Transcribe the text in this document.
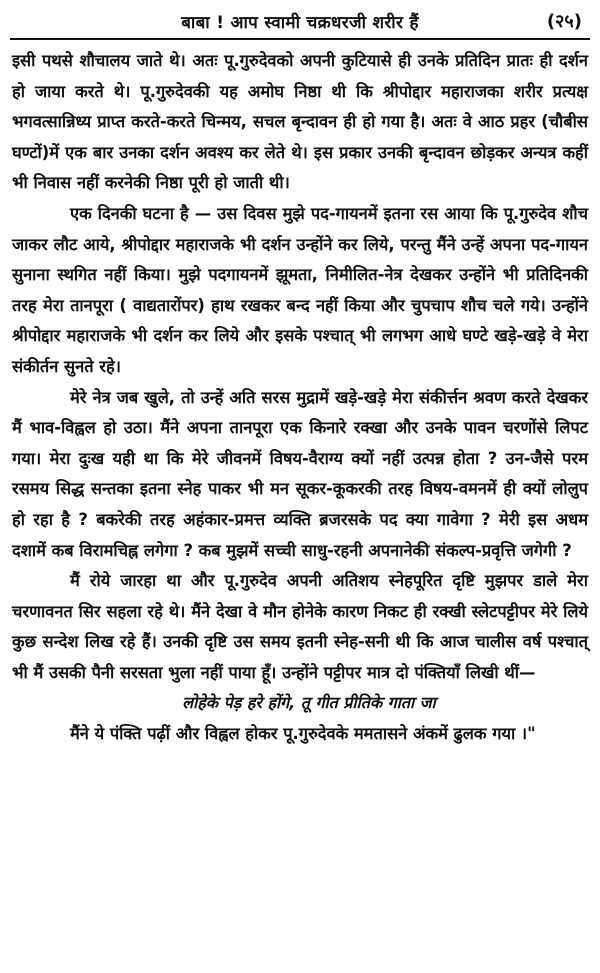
बाबा ! आप स्वामी चक्रधरजी शरीर हैं	(२५)

इसी पथसे शौचालय जाते थे। अतः पू.गुरुदेवको अपनी कुटियासे ही उनके प्रतिदिन प्रातः ही दर्शन हो जाया करते थे। पू.गुरुदेवकी यह अमोघ निष्ठा थी कि श्रीपोद्दार महाराजका शरीर प्रत्यक्ष भगवत्सान्निध्य प्राप्त करते-करते चिन्मय, सचल बृन्दावन ही हो गया है। अतः वे आठ प्रहर (चौबीस घण्टों)में एक बार उनका दर्शन अवश्य कर लेते थे। इस प्रकार उनकी बृन्दावन छोड़कर अन्यत्र कहीं भी निवास नहीं करनेकी निष्ठा पूरी हो जाती थी।

एक दिनकी घटना है — उस दिवस मुझे पद-गायनमें इतना रस आया कि पू.गुरुदेव शौच जाकर लौट आये, श्रीपोद्दार महाराजके भी दर्शन उन्होंने कर लिये, परन्तु मैंने उन्हें अपना पद-गायन सुनाना स्थगित नहीं किया। मुझे पदगायनमें झूमता, निमीलित-नेत्र देखकर उन्होंने भी प्रतिदिनकी तरह मेरा तानपूरा ( वाद्यतारोंपर) हाथ रखकर बन्द नहीं किया और चुपचाप शौच चले गये। उन्होंने श्रीपोद्दार महाराजके भी दर्शन कर लिये और इसके पश्चात् भी लगभग आधे घण्टे खड़े-खड़े वे मेरा संकीर्तन सुनते रहे।

मेरे नेत्र जब खुले, तो उन्हें अति सरस मुद्रामें खड़े-खड़े मेरा संकीर्त्तन श्रवण करते देखकर मैं भाव-विह्वल हो उठा। मैंने अपना तानपूरा एक किनारे रक्खा और उनके पावन चरणोंसे लिपट गया। मेरा दुःख यही था कि मेरे जीवनमें विषय-वैराग्य क्यों नहीं उत्पन्न होता ? उन-जैसे परम रसमय सिद्ध सन्तका इतना स्नेह पाकर भी मन सूकर-कूकरकी तरह विषय-वमनमें ही क्यों लोलुप हो रहा है ? बकरेकी तरह अहंकार-प्रमत्त व्यक्ति ब्रजरसके पद क्या गावेगा ? मेरी इस अधम दशामें कब विरामचिह्न लगेगा ? कब मुझमें सच्ची साधु-रहनी अपनानेकी संकल्प-प्रवृत्ति जगेगी ?

मैं रोये जारहा था और पू.गुरुदेव अपनी अतिशय स्नेहपूरित दृष्टि मुझपर डाले मेरा चरणावनत सिर सहला रहे थे। मैंने देखा वे मौन होनेके कारण निकट ही रक्खी स्लेटपट्टीपर मेरे लिये कुछ सन्देश लिख रहे हैं। उनकी दृष्टि उस समय इतनी स्नेह-सनी थी कि आज चालीस वर्ष पश्चात् भी मैं उसकी पैनी सरसता भुला नहीं पाया हूँ। उन्होंने पट्टीपर मात्र दो पंक्तियाँ लिखी थीं—

लोहेके पेड़ हरे होंगे, तू गीत प्रीतिके गाता जा

मैंने ये पंक्ति पढ़ीं और विह्वल होकर पू.गुरुदेवके ममतासने अंकमें ढुलक गया ।"
